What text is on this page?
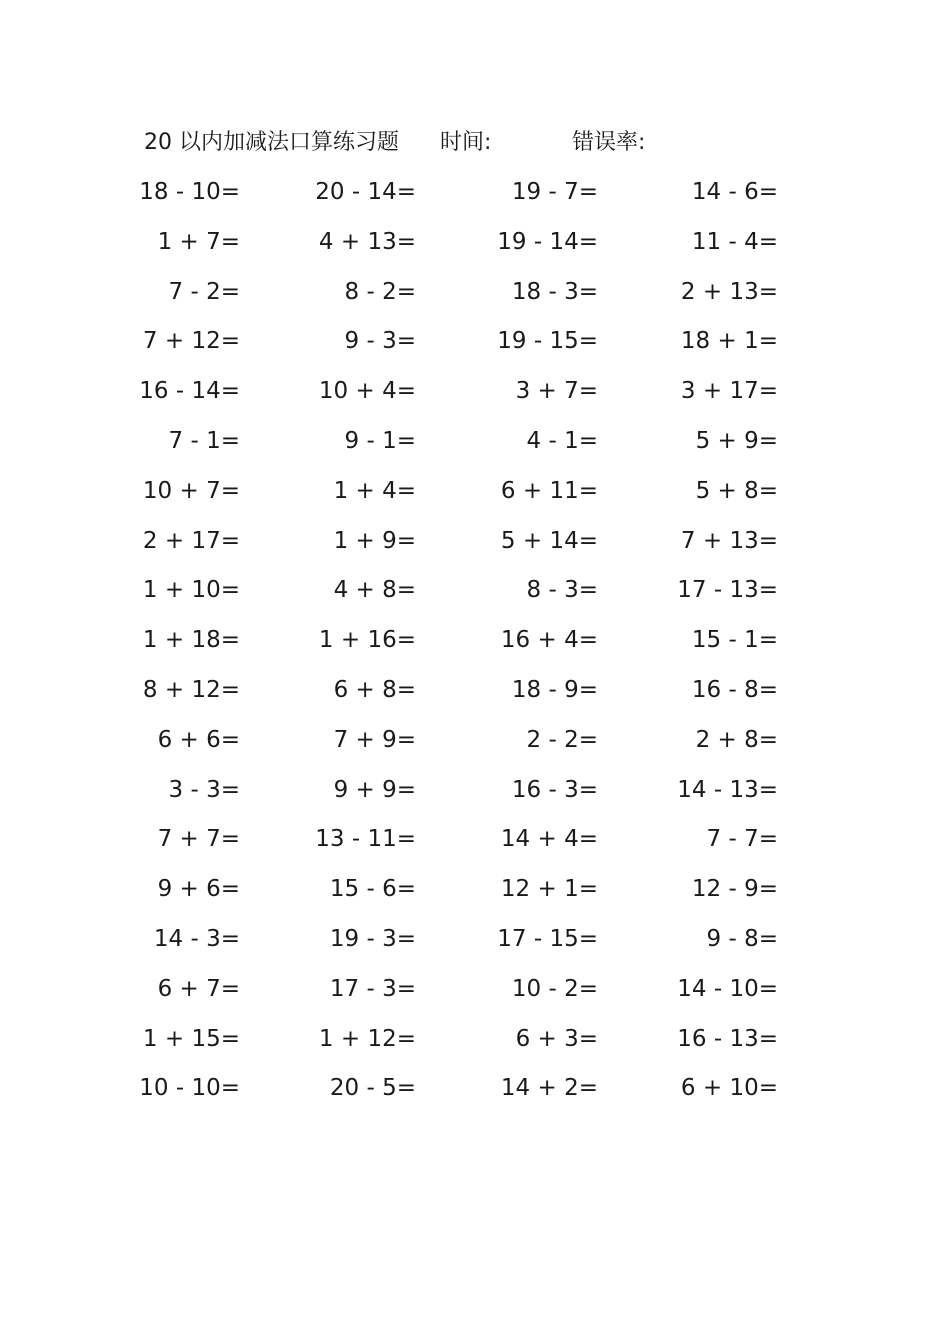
20 以内加减法口算练习题 时间:	错误率:
18 - 10=	20 - 14=	19 - 7=	14 - 6=
1 + 7=	4 + 13=	19 - 14=	11 - 4=
7 - 2=	8 - 2=	18 - 3=	2 + 13=
7 + 12=	9 - 3=	19 - 15=	18 + 1=
16 - 14=	10 + 4=	3 + 7=	3 + 17=
7 - 1=	9 - 1=	4 - 1=	5 + 9=
10 + 7=	1 + 4=	6 + 11=	5 + 8=
2 + 17=	1 + 9=	5 + 14=	7 + 13=
1 + 10=	4 + 8=	8 - 3=	17 - 13=
1 + 18=	1 + 16=	16 + 4=	15 - 1=
8 + 12=	6 + 8=	18 - 9=	16 - 8=
6 + 6=	7 + 9=	2 - 2=	2 + 8=
3 - 3=	9 + 9=	16 - 3=	14 - 13=
7 + 7=	13 - 11=	14 + 4=	7 - 7=
9 + 6=	15 - 6=	12 + 1=	12 - 9=
14 - 3=	19 - 3=	17 - 15=	9 - 8=
6 + 7=	17 - 3=	10 - 2=	14 - 10=
1 + 15=	1 + 12=	6 + 3=	16 - 13=
10 - 10=	20 - 5=	14 + 2=	6 + 10=
